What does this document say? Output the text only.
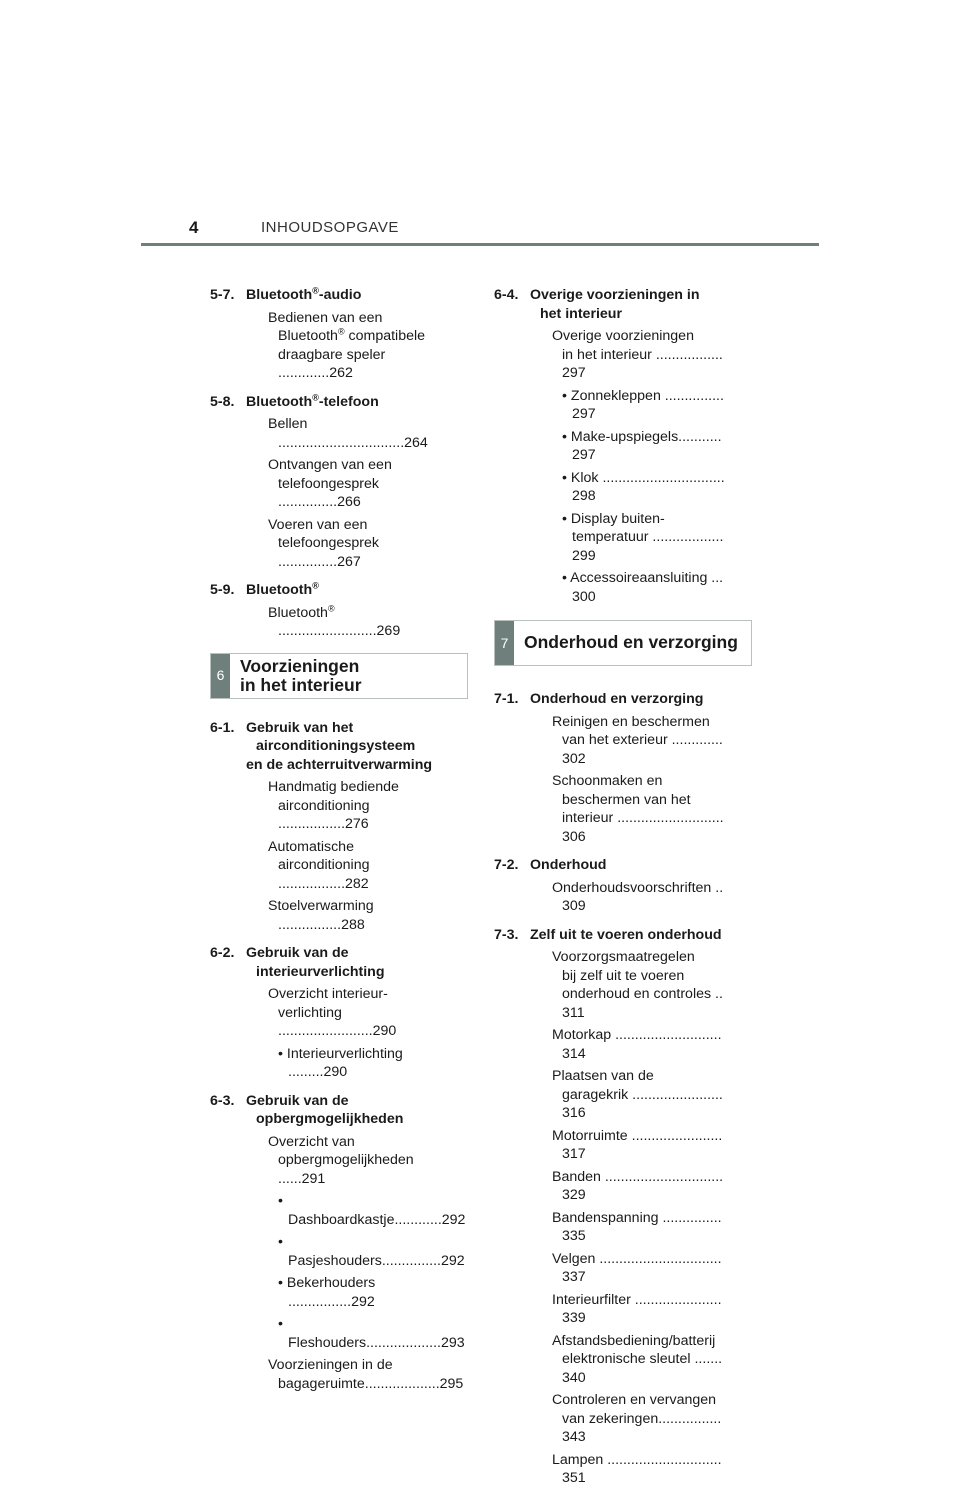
4	INHOUDSOPGAVE
5-7. Bluetooth®-audio
Bedienen van een
Bluetooth® compatibele
draagbare speler .............262
5-8. Bluetooth®-telefoon
Bellen ................................264
Ontvangen van een
telefoongesprek ...............266
Voeren van een
telefoongesprek ...............267
5-9. Bluetooth®
Bluetooth® .........................269
6 Voorzieningen
in het interieur
6-1. Gebruik van het
airconditioningsysteem
en de achterruitverwarming
Handmatig bediende
airconditioning .................276
Automatische
airconditioning .................282
Stoelverwarming ................288
6-2. Gebruik van de
interieurverlichting
Overzicht interieur-
verlichting ........................290
• Interieurverlichting .........290
6-3. Gebruik van de
opbergmogelijkheden
Overzicht van
opbergmogelijkheden ......291
• Dashboardkastje............292
• Pasjeshouders...............292
• Bekerhouders ................292
• Fleshouders...................293
Voorzieningen in de
bagageruimte...................295
6-4. Overige voorzieningen in
het interieur
Overige voorzieningen
in het interieur ................. 297
• Zonnekleppen ............... 297
• Make-upspiegels........... 297
• Klok ............................... 298
• Display buiten-
temperatuur .................. 299
• Accessoireaansluiting ... 300
7 Onderhoud en verzorging
7-1. Onderhoud en verzorging
Reinigen en beschermen
van het exterieur ............. 302
Schoonmaken en
beschermen van het
interieur ........................... 306
7-2. Onderhoud
Onderhoudsvoorschriften .. 309
7-3. Zelf uit te voeren onderhoud
Voorzorgsmaatregelen
bij zelf uit te voeren
onderhoud en controles .. 311
Motorkap ........................... 314
Plaatsen van de
garagekrik ....................... 316
Motorruimte ....................... 317
Banden .............................. 329
Bandenspanning ............... 335
Velgen ............................... 337
Interieurfilter ...................... 339
Afstandsbediening/batterij
elektronische sleutel ....... 340
Controleren en vervangen
van zekeringen................ 343
Lampen ............................. 351
